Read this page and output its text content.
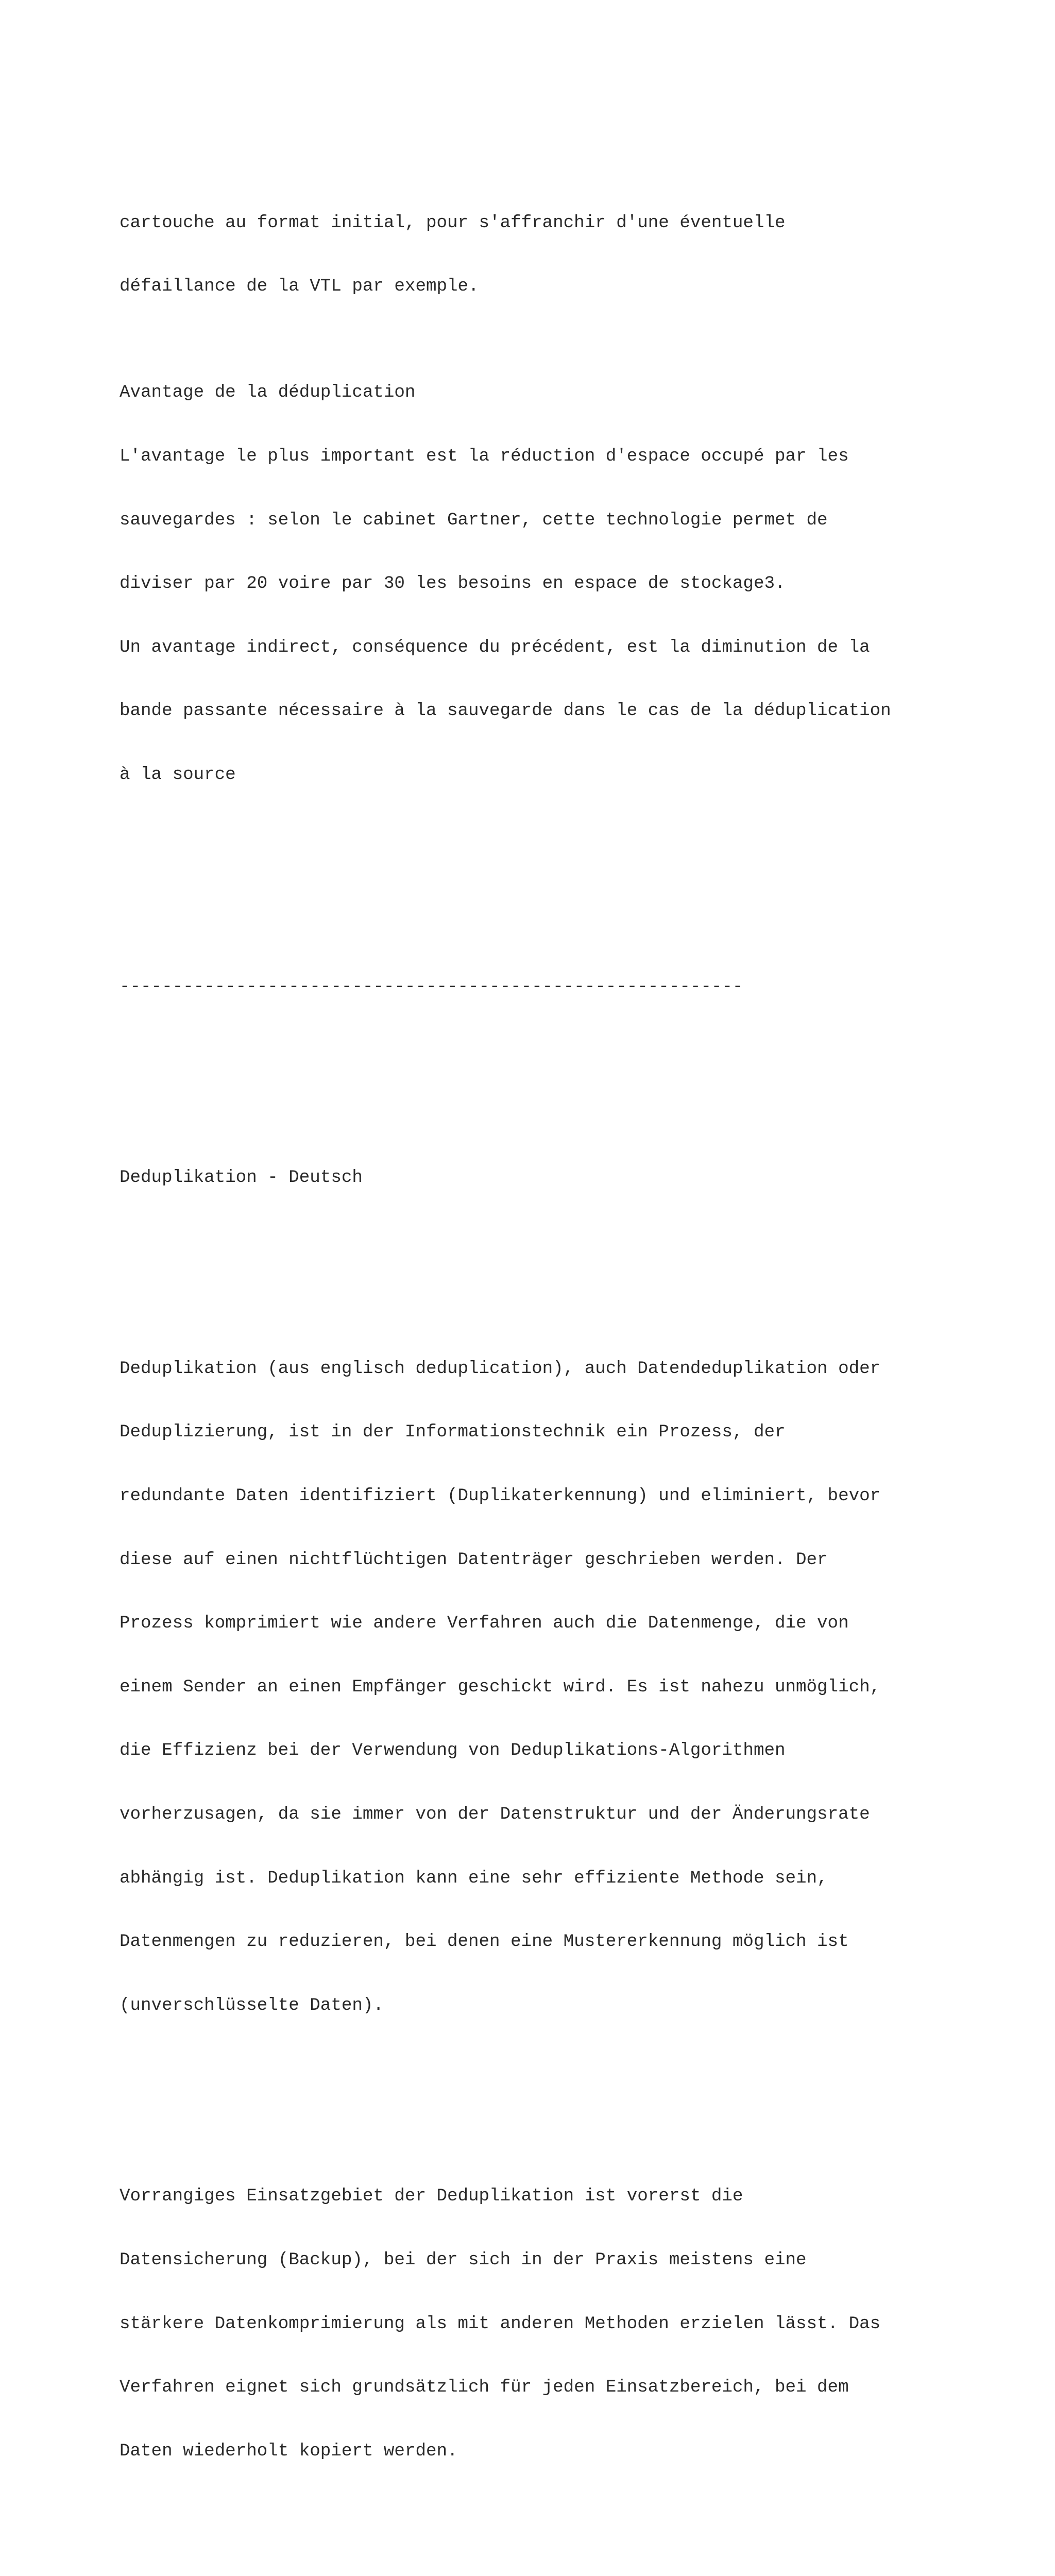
cartouche au format initial, pour s'affranchir d'une éventuelle

défaillance de la VTL par exemple.

Avantage de la déduplication

L'avantage le plus important est la réduction d'espace occupé par les

sauvegardes : selon le cabinet Gartner, cette technologie permet de

diviser par 20 voire par 30 les besoins en espace de stockage3.

Un avantage indirect, conséquence du précédent, est la diminution de la

bande passante nécessaire à la sauvegarde dans le cas de la déduplication

à la source

-----------------------------------------------------------

Deduplikation - Deutsch

Deduplikation (aus englisch deduplication), auch Datendeduplikation oder

Deduplizierung, ist in der Informationstechnik ein Prozess, der

redundante Daten identifiziert (Duplikaterkennung) und eliminiert, bevor

diese auf einen nichtflüchtigen Datenträger geschrieben werden. Der

Prozess komprimiert wie andere Verfahren auch die Datenmenge, die von

einem Sender an einen Empfänger geschickt wird. Es ist nahezu unmöglich,

die Effizienz bei der Verwendung von Deduplikations-Algorithmen

vorherzusagen, da sie immer von der Datenstruktur und der Änderungsrate

abhängig ist. Deduplikation kann eine sehr effiziente Methode sein,

Datenmengen zu reduzieren, bei denen eine Mustererkennung möglich ist

(unverschlüsselte Daten).

Vorrangiges Einsatzgebiet der Deduplikation ist vorerst die

Datensicherung (Backup), bei der sich in der Praxis meistens eine

stärkere Datenkomprimierung als mit anderen Methoden erzielen lässt. Das

Verfahren eignet sich grundsätzlich für jeden Einsatzbereich, bei dem

Daten wiederholt kopiert werden.
